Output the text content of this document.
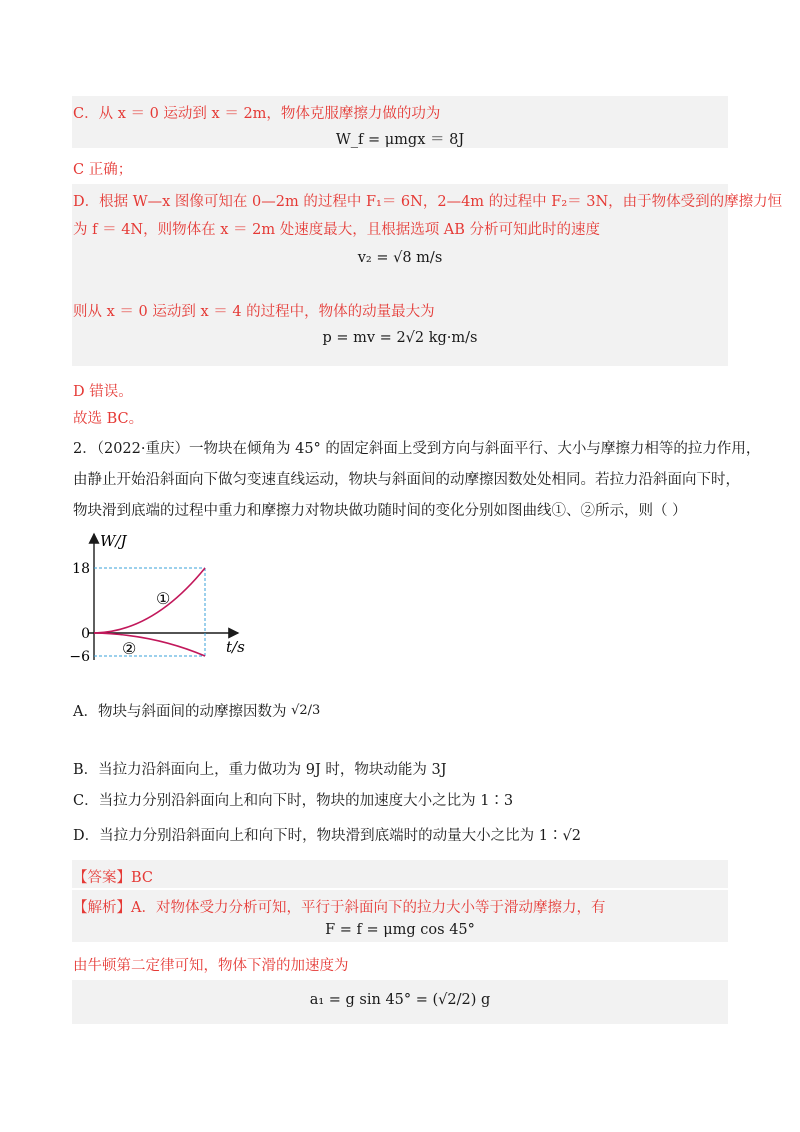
C．从 x ＝ 0 运动到 x ＝ 2m，物体克服摩擦力做的功为
W_f = μmgx ＝ 8J
C 正确；
D．根据 W—x 图像可知在 0—2m 的过程中 F₁＝ 6N，2—4m 的过程中 F₂＝ 3N，由于物体受到的摩擦力恒
为 f ＝ 4N，则物体在 x ＝ 2m 处速度最大，且根据选项 AB 分析可知此时的速度
v₂ = √8 m/s
则从 x ＝ 0 运动到 x ＝ 4 的过程中，物体的动量最大为
p = mv = 2√2 kg·m/s
D 错误。
故选 BC。
2．（2022·重庆）一物块在倾角为 45° 的固定斜面上受到方向与斜面平行、大小与摩擦力相等的拉力作用，
由静止开始沿斜面向下做匀变速直线运动，物块与斜面间的动摩擦因数处处相同。若拉力沿斜面向下时，
物块滑到底端的过程中重力和摩擦力对物块做功随时间的变化分别如图曲线①、②所示，则（ ）
W/J
t/s
18
0
−6
①
②
A．物块与斜面间的动摩擦因数为 √2/3
B．当拉力沿斜面向上，重力做功为 9J 时，物块动能为 3J
C．当拉力分别沿斜面向上和向下时，物块的加速度大小之比为 1∶3
D．当拉力分别沿斜面向上和向下时，物块滑到底端时的动量大小之比为 1∶√2
【答案】BC
【解析】A．对物体受力分析可知，平行于斜面向下的拉力大小等于滑动摩擦力，有
F = f = μmg cos 45°
由牛顿第二定律可知，物体下滑的加速度为
a₁ = g sin 45° = (√2/2) g
